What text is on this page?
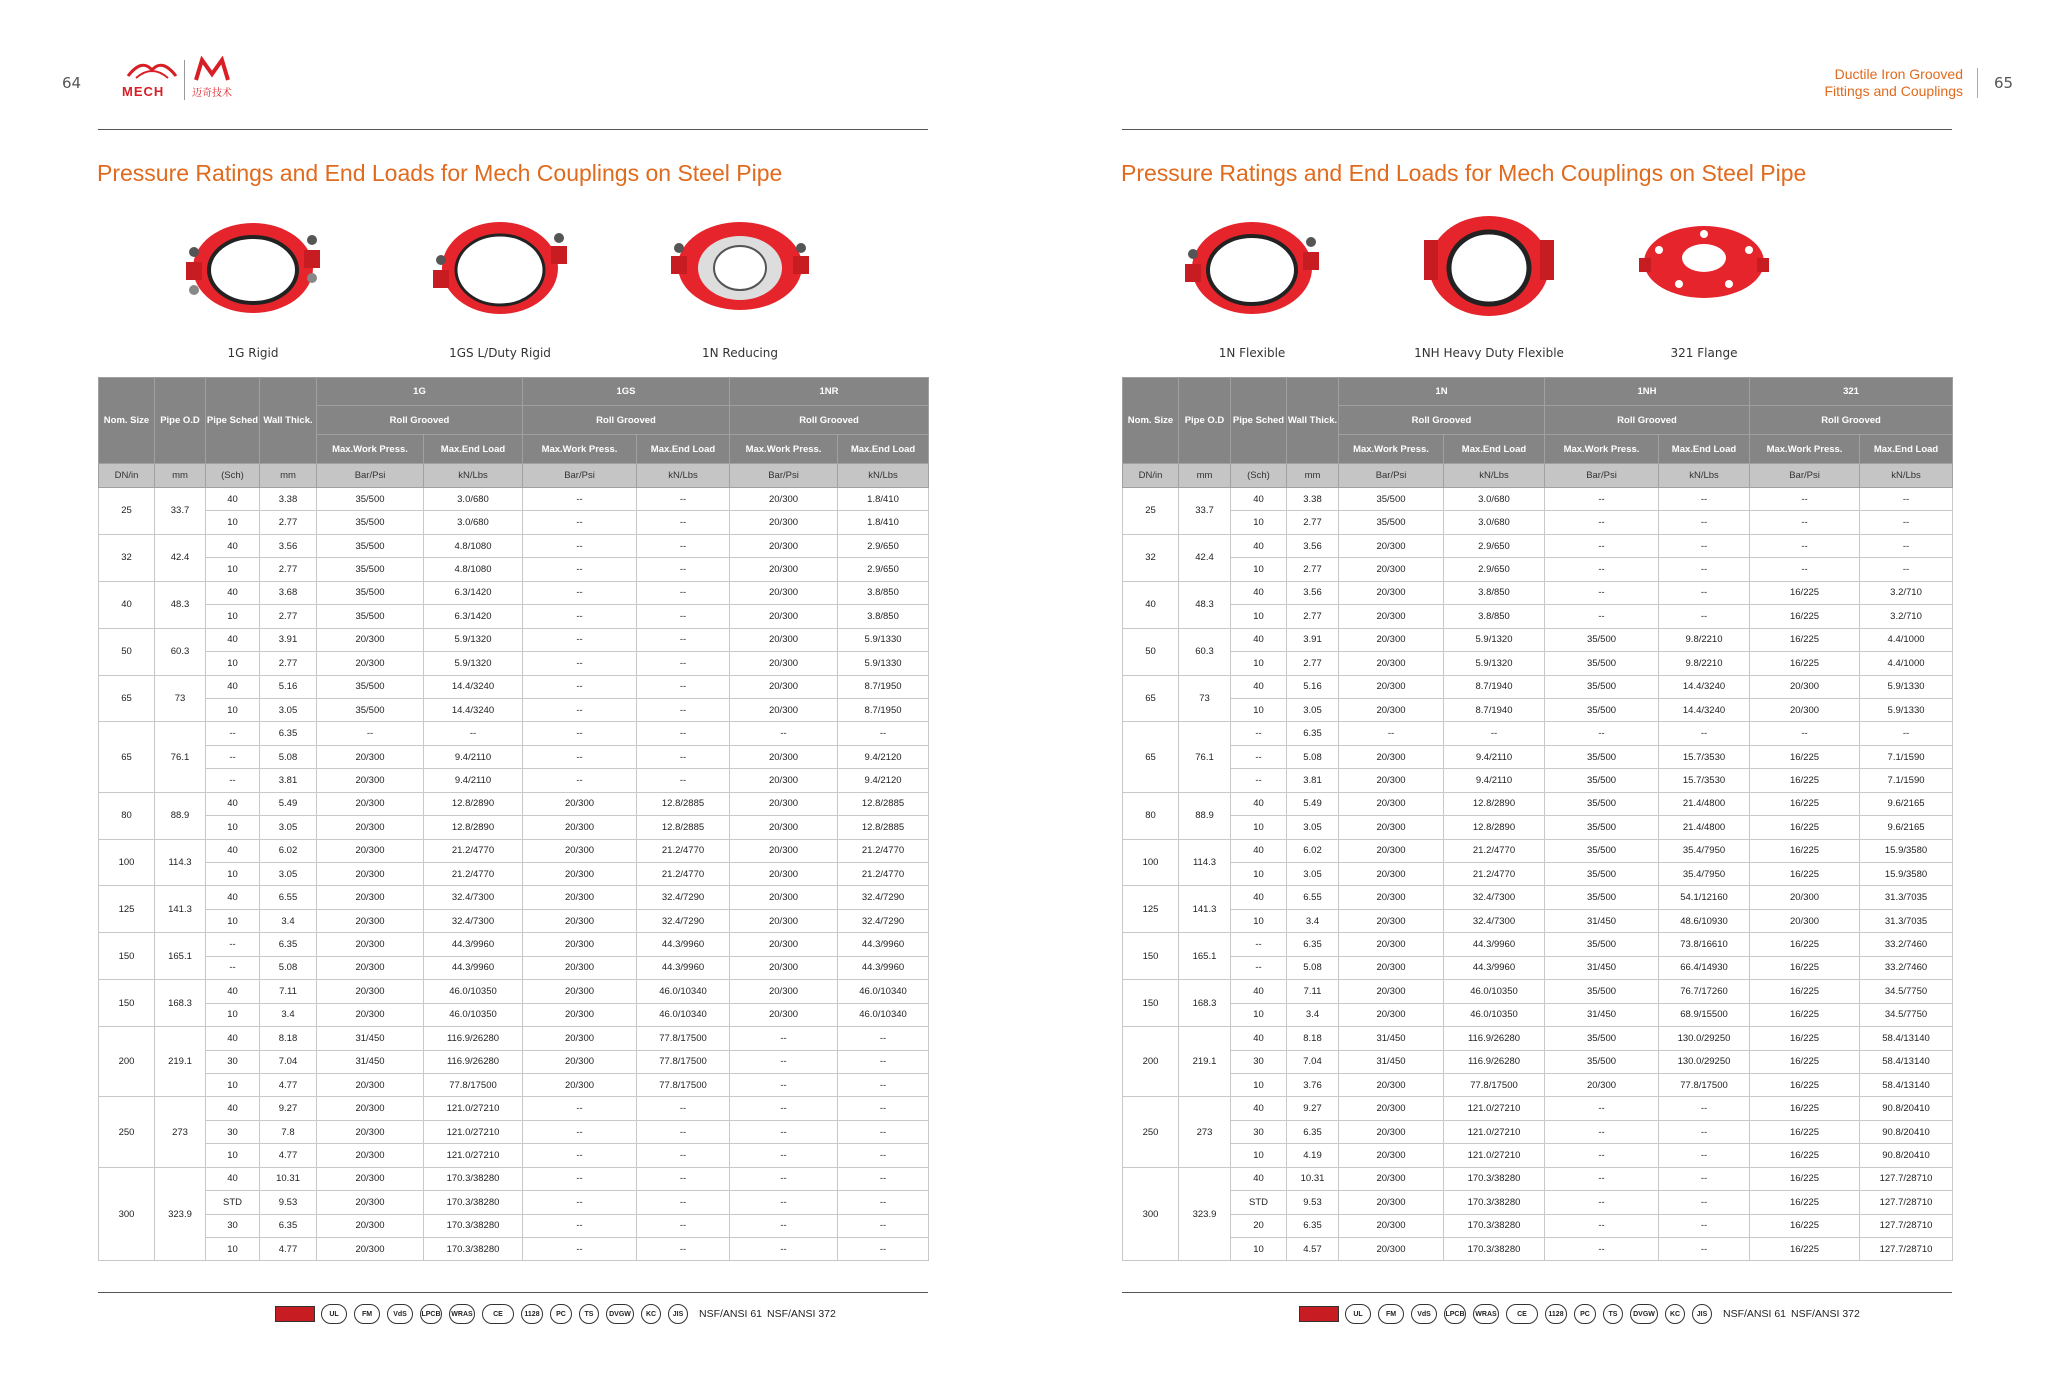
64	MECH	迈奇技术
Pressure Ratings and End Loads for Mech Couplings on Steel Pipe
1G Rigid	1GS L/Duty Rigid	1N Reducing
Nom. Size	Pipe O.D	Pipe Sched	Wall Thick.	1G		1GS		1NR	
				Roll Grooved		Roll Grooved		Roll Grooved	
				Max.Work Press.	Max.End Load	Max.Work Press.	Max.End Load	Max.Work Press.	Max.End Load
DN/in	mm	(Sch)	mm	Bar/Psi	kN/Lbs	Bar/Psi	kN/Lbs	Bar/Psi	kN/Lbs
25	33.7	40	3.38	35/500	3.0/680	--	--	20/300	1.8/410
		10	2.77	35/500	3.0/680	--	--	20/300	1.8/410
32	42.4	40	3.56	35/500	4.8/1080	--	--	20/300	2.9/650
		10	2.77	35/500	4.8/1080	--	--	20/300	2.9/650
40	48.3	40	3.68	35/500	6.3/1420	--	--	20/300	3.8/850
		10	2.77	35/500	6.3/1420	--	--	20/300	3.8/850
50	60.3	40	3.91	20/300	5.9/1320	--	--	20/300	5.9/1330
		10	2.77	20/300	5.9/1320	--	--	20/300	5.9/1330
65	73	40	5.16	35/500	14.4/3240	--	--	20/300	8.7/1950
		10	3.05	35/500	14.4/3240	--	--	20/300	8.7/1950
65	76.1	--	6.35	--	--	--	--	--	--
		--	5.08	20/300	9.4/2110	--	--	20/300	9.4/2120
		--	3.81	20/300	9.4/2110	--	--	20/300	9.4/2120
80	88.9	40	5.49	20/300	12.8/2890	20/300	12.8/2885	20/300	12.8/2885
		10	3.05	20/300	12.8/2890	20/300	12.8/2885	20/300	12.8/2885
100	114.3	40	6.02	20/300	21.2/4770	20/300	21.2/4770	20/300	21.2/4770
		10	3.05	20/300	21.2/4770	20/300	21.2/4770	20/300	21.2/4770
125	141.3	40	6.55	20/300	32.4/7300	20/300	32.4/7290	20/300	32.4/7290
		10	3.4	20/300	32.4/7300	20/300	32.4/7290	20/300	32.4/7290
150	165.1	--	6.35	20/300	44.3/9960	20/300	44.3/9960	20/300	44.3/9960
		--	5.08	20/300	44.3/9960	20/300	44.3/9960	20/300	44.3/9960
150	168.3	40	7.11	20/300	46.0/10350	20/300	46.0/10340	20/300	46.0/10340
		10	3.4	20/300	46.0/10350	20/300	46.0/10340	20/300	46.0/10340
200	219.1	40	8.18	31/450	116.9/26280	20/300	77.8/17500	--	--
		30	7.04	31/450	116.9/26280	20/300	77.8/17500	--	--
		10	4.77	20/300	77.8/17500	20/300	77.8/17500	--	--
250	273	40	9.27	20/300	121.0/27210	--	--	--	--
		30	7.8	20/300	121.0/27210	--	--	--	--
		10	4.77	20/300	121.0/27210	--	--	--	--
300	323.9	40	10.31	20/300	170.3/38280	--	--	--	--
		STD	9.53	20/300	170.3/38280	--	--	--	--
		30	6.35	20/300	170.3/38280	--	--	--	--
		10	4.77	20/300	170.3/38280	--	--	--	--
UL	FM	VdS	LPCB	WRAS	CE	1128	PC	TS	DVGW	KC	JIS	NSF/ANSI 61 NSF/ANSI 372
Ductile Iron Grooved
Fittings and Couplings 65
Pressure Ratings and End Loads for Mech Couplings on Steel Pipe
1N Flexible	1NH Heavy Duty Flexible	321 Flange
Nom. Size	Pipe O.D	Pipe Sched	Wall Thick.	1N		1NH		321	
				Roll Grooved		Roll Grooved		Roll Grooved	
				Max.Work Press.	Max.End Load	Max.Work Press.	Max.End Load	Max.Work Press.	Max.End Load
DN/in	mm	(Sch)	mm	Bar/Psi	kN/Lbs	Bar/Psi	kN/Lbs	Bar/Psi	kN/Lbs
25	33.7	40	3.38	35/500	3.0/680	--	--	--	--
		10	2.77	35/500	3.0/680	--	--	--	--
32	42.4	40	3.56	20/300	2.9/650	--	--	--	--
		10	2.77	20/300	2.9/650	--	--	--	--
40	48.3	40	3.56	20/300	3.8/850	--	--	16/225	3.2/710
		10	2.77	20/300	3.8/850	--	--	16/225	3.2/710
50	60.3	40	3.91	20/300	5.9/1320	35/500	9.8/2210	16/225	4.4/1000
		10	2.77	20/300	5.9/1320	35/500	9.8/2210	16/225	4.4/1000
65	73	40	5.16	20/300	8.7/1940	35/500	14.4/3240	20/300	5.9/1330
		10	3.05	20/300	8.7/1940	35/500	14.4/3240	20/300	5.9/1330
65	76.1	--	6.35	--	--	--	--	--	--
		--	5.08	20/300	9.4/2110	35/500	15.7/3530	16/225	7.1/1590
		--	3.81	20/300	9.4/2110	35/500	15.7/3530	16/225	7.1/1590
80	88.9	40	5.49	20/300	12.8/2890	35/500	21.4/4800	16/225	9.6/2165
		10	3.05	20/300	12.8/2890	35/500	21.4/4800	16/225	9.6/2165
100	114.3	40	6.02	20/300	21.2/4770	35/500	35.4/7950	16/225	15.9/3580
		10	3.05	20/300	21.2/4770	35/500	35.4/7950	16/225	15.9/3580
125	141.3	40	6.55	20/300	32.4/7300	35/500	54.1/12160	20/300	31.3/7035
		10	3.4	20/300	32.4/7300	31/450	48.6/10930	20/300	31.3/7035
150	165.1	--	6.35	20/300	44.3/9960	35/500	73.8/16610	16/225	33.2/7460
		--	5.08	20/300	44.3/9960	31/450	66.4/14930	16/225	33.2/7460
150	168.3	40	7.11	20/300	46.0/10350	35/500	76.7/17260	16/225	34.5/7750
		10	3.4	20/300	46.0/10350	31/450	68.9/15500	16/225	34.5/7750
200	219.1	40	8.18	31/450	116.9/26280	35/500	130.0/29250	16/225	58.4/13140
		30	7.04	31/450	116.9/26280	35/500	130.0/29250	16/225	58.4/13140
		10	3.76	20/300	77.8/17500	20/300	77.8/17500	16/225	58.4/13140
250	273	40	9.27	20/300	121.0/27210	--	--	16/225	90.8/20410
		30	6.35	20/300	121.0/27210	--	--	16/225	90.8/20410
		10	4.19	20/300	121.0/27210	--	--	16/225	90.8/20410
300	323.9	40	10.31	20/300	170.3/38280	--	--	16/225	127.7/28710
		STD	9.53	20/300	170.3/38280	--	--	16/225	127.7/28710
		20	6.35	20/300	170.3/38280	--	--	16/225	127.7/28710
		10	4.57	20/300	170.3/38280	--	--	16/225	127.7/28710
UL	FM	VdS	LPCB	WRAS	CE	1128	PC	TS	DVGW	KC	JIS	NSF/ANSI 61 NSF/ANSI 372
